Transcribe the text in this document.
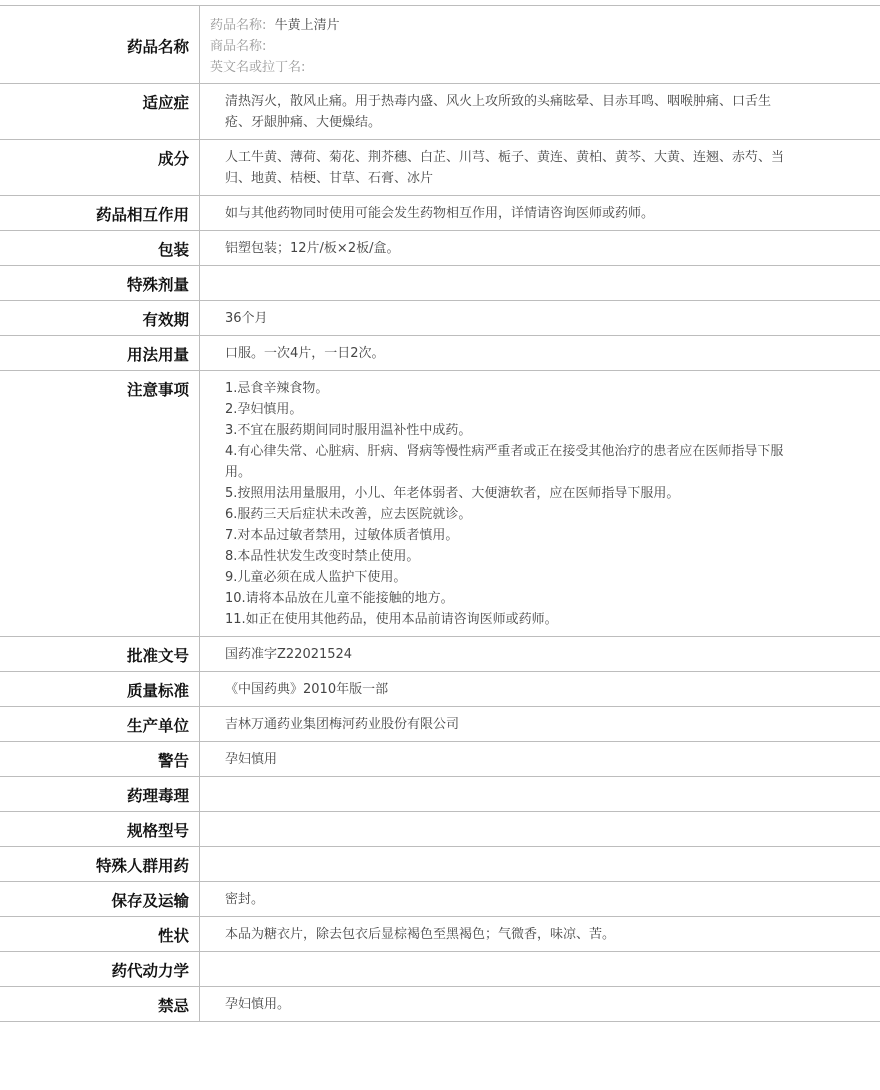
药品名称
药品名称: 牛黄上清片
商品名称:
英文名或拉丁名:
适应症	清热泻火，散风止痛。用于热毒内盛、风火上攻所致的头痛眩晕、目赤耳鸣、咽喉肿痛、口舌生疮、牙龈肿痛、大便燥结。
成分	人工牛黄、薄荷、菊花、荆芥穗、白芷、川芎、栀子、黄连、黄柏、黄芩、大黄、连翘、赤芍、当归、地黄、桔梗、甘草、石膏、冰片
药品相互作用	如与其他药物同时使用可能会发生药物相互作用，详情请咨询医师或药师。
包装	铝塑包装；12片/板×2板/盒。
特殊剂量

有效期	36个月
用法用量	口服。一次4片，一日2次。
注意事项	1.忌食辛辣食物。
2.孕妇慎用。
3.不宜在服药期间同时服用温补性中成药。
4.有心律失常、心脏病、肝病、肾病等慢性病严重者或正在接受其他治疗的患者应在医师指导下服用。
5.按照用法用量服用，小儿、年老体弱者、大便溏软者，应在医师指导下服用。
6.服药三天后症状未改善，应去医院就诊。
7.对本品过敏者禁用，过敏体质者慎用。
8.本品性状发生改变时禁止使用。
9.儿童必须在成人监护下使用。
10.请将本品放在儿童不能接触的地方。
11.如正在使用其他药品，使用本品前请咨询医师或药师。
批准文号	国药准字Z22021524
质量标准	《中国药典》2010年版一部
生产单位	吉林万通药业集团梅河药业股份有限公司
警告	孕妇慎用
药理毒理

规格型号

特殊人群用药

保存及运输	密封。
性状	本品为糖衣片，除去包衣后显棕褐色至黑褐色；气微香，味凉、苦。
药代动力学

禁忌	孕妇慎用。
